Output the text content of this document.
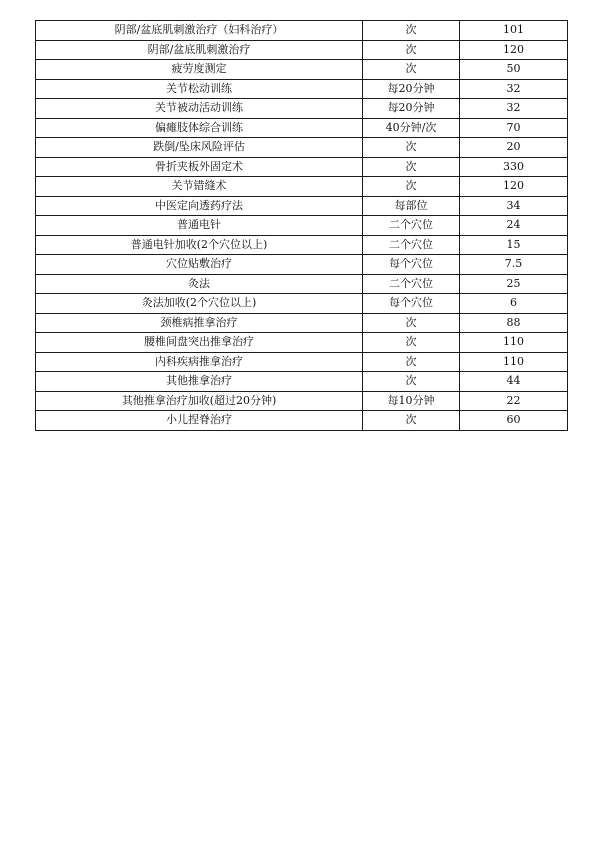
阴部/盆底肌刺激治疗（妇科治疗）	次	101
阴部/盆底肌刺激治疗	次	120
疲劳度测定	次	50
关节松动训练	每20分钟	32
关节被动活动训练	每20分钟	32
偏瘫肢体综合训练	40分钟/次	70
跌倒/坠床风险评估	次	20
骨折夹板外固定术	次	330
关节错缝术	次	120
中医定向透药疗法	每部位	34
普通电针	二个穴位	24
普通电针加收(2个穴位以上)	二个穴位	15
穴位贴敷治疗	每个穴位	7.5
灸法	二个穴位	25
灸法加收(2个穴位以上)	每个穴位	6
颈椎病推拿治疗	次	88
腰椎间盘突出推拿治疗	次	110
内科疾病推拿治疗	次	110
其他推拿治疗	次	44
其他推拿治疗加收(超过20分钟)	每10分钟	22
小儿捏脊治疗	次	60
